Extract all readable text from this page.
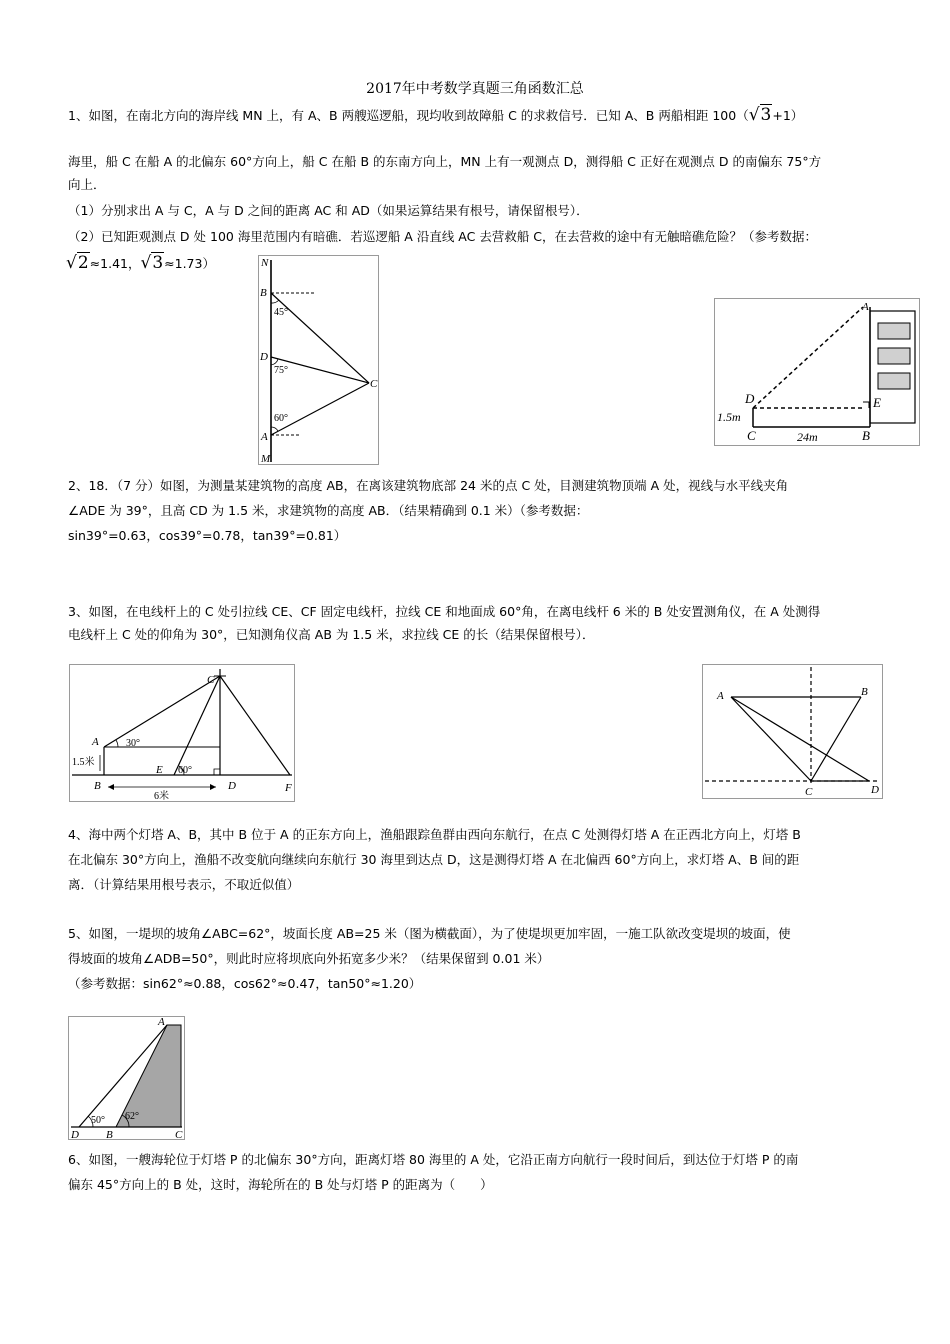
2017年中考数学真题三角函数汇总
1、如图，在南北方向的海岸线 MN 上，有 A、B 两艘巡逻船，现均收到故障船 C 的求救信号．已知 A、B 两船相距 100（√3+1）
海里，船 C 在船 A 的北偏东 60°方向上，船 C 在船 B 的东南方向上，MN 上有一观测点 D，测得船 C 正好在观测点 D 的南偏东 75°方
向上．
（1）分别求出 A 与 C，A 与 D 之间的距离 AC 和 AD（如果运算结果有根号，请保留根号）．
（2）已知距观测点 D 处 100 海里范围内有暗礁．若巡逻船 A 沿直线 AC 去营救船 C，在去营救的途中有无触暗礁危险？（参考数据：
√2≈1.41，√3≈1.73）	N
B
D
A
M
C
45°
75°
60°
A
D	E
C	B
1.5m
24m
2、18．（7 分）如图，为测量某建筑物的高度 AB，在离该建筑物底部 24 米的点 C 处，目测建筑物顶端 A 处，视线与水平线夹角
∠ADE 为 39°，且高 CD 为 1.5 米，求建筑物的高度 AB．（结果精确到 0.1 米）（参考数据：
sin39°=0.63，cos39°=0.78，tan39°=0.81）
3、如图，在电线杆上的 C 处引拉线 CE、CF 固定电线杆，拉线 CE 和地面成 60°角，在离电线杆 6 米的 B 处安置测角仪，在 A 处测得
电线杆上 C 处的仰角为 30°，已知测角仪高 AB 为 1.5 米，求拉线 CE 的长（结果保留根号）．
C
A	30°
1.5米
E 60°
B	D	F
6米
A	B
C	D
4、海中两个灯塔 A、B，其中 B 位于 A 的正东方向上，渔船跟踪鱼群由西向东航行，在点 C 处测得灯塔 A 在正西北方向上，灯塔 B
在北偏东 30°方向上，渔船不改变航向继续向东航行 30 海里到达点 D，这是测得灯塔 A 在北偏西 60°方向上，求灯塔 A、B 间的距
离．（计算结果用根号表示，不取近似值）
5、如图，一堤坝的坡角∠ABC=62°，坡面长度 AB=25 米（图为横截面），为了使堤坝更加牢固，一施工队欲改变堤坝的坡面，使
得坡面的坡角∠ADB=50°，则此时应将坝底向外拓宽多少米？（结果保留到 0.01 米）
（参考数据：sin62°≈0.88，cos62°≈0.47，tan50°≈1.20）
A
D B	C
50° 62°
6、如图，一艘海轮位于灯塔 P 的北偏东 30°方向，距离灯塔 80 海里的 A 处，它沿正南方向航行一段时间后，到达位于灯塔 P 的南
偏东 45°方向上的 B 处，这时，海轮所在的 B 处与灯塔 P 的距离为（　　）
